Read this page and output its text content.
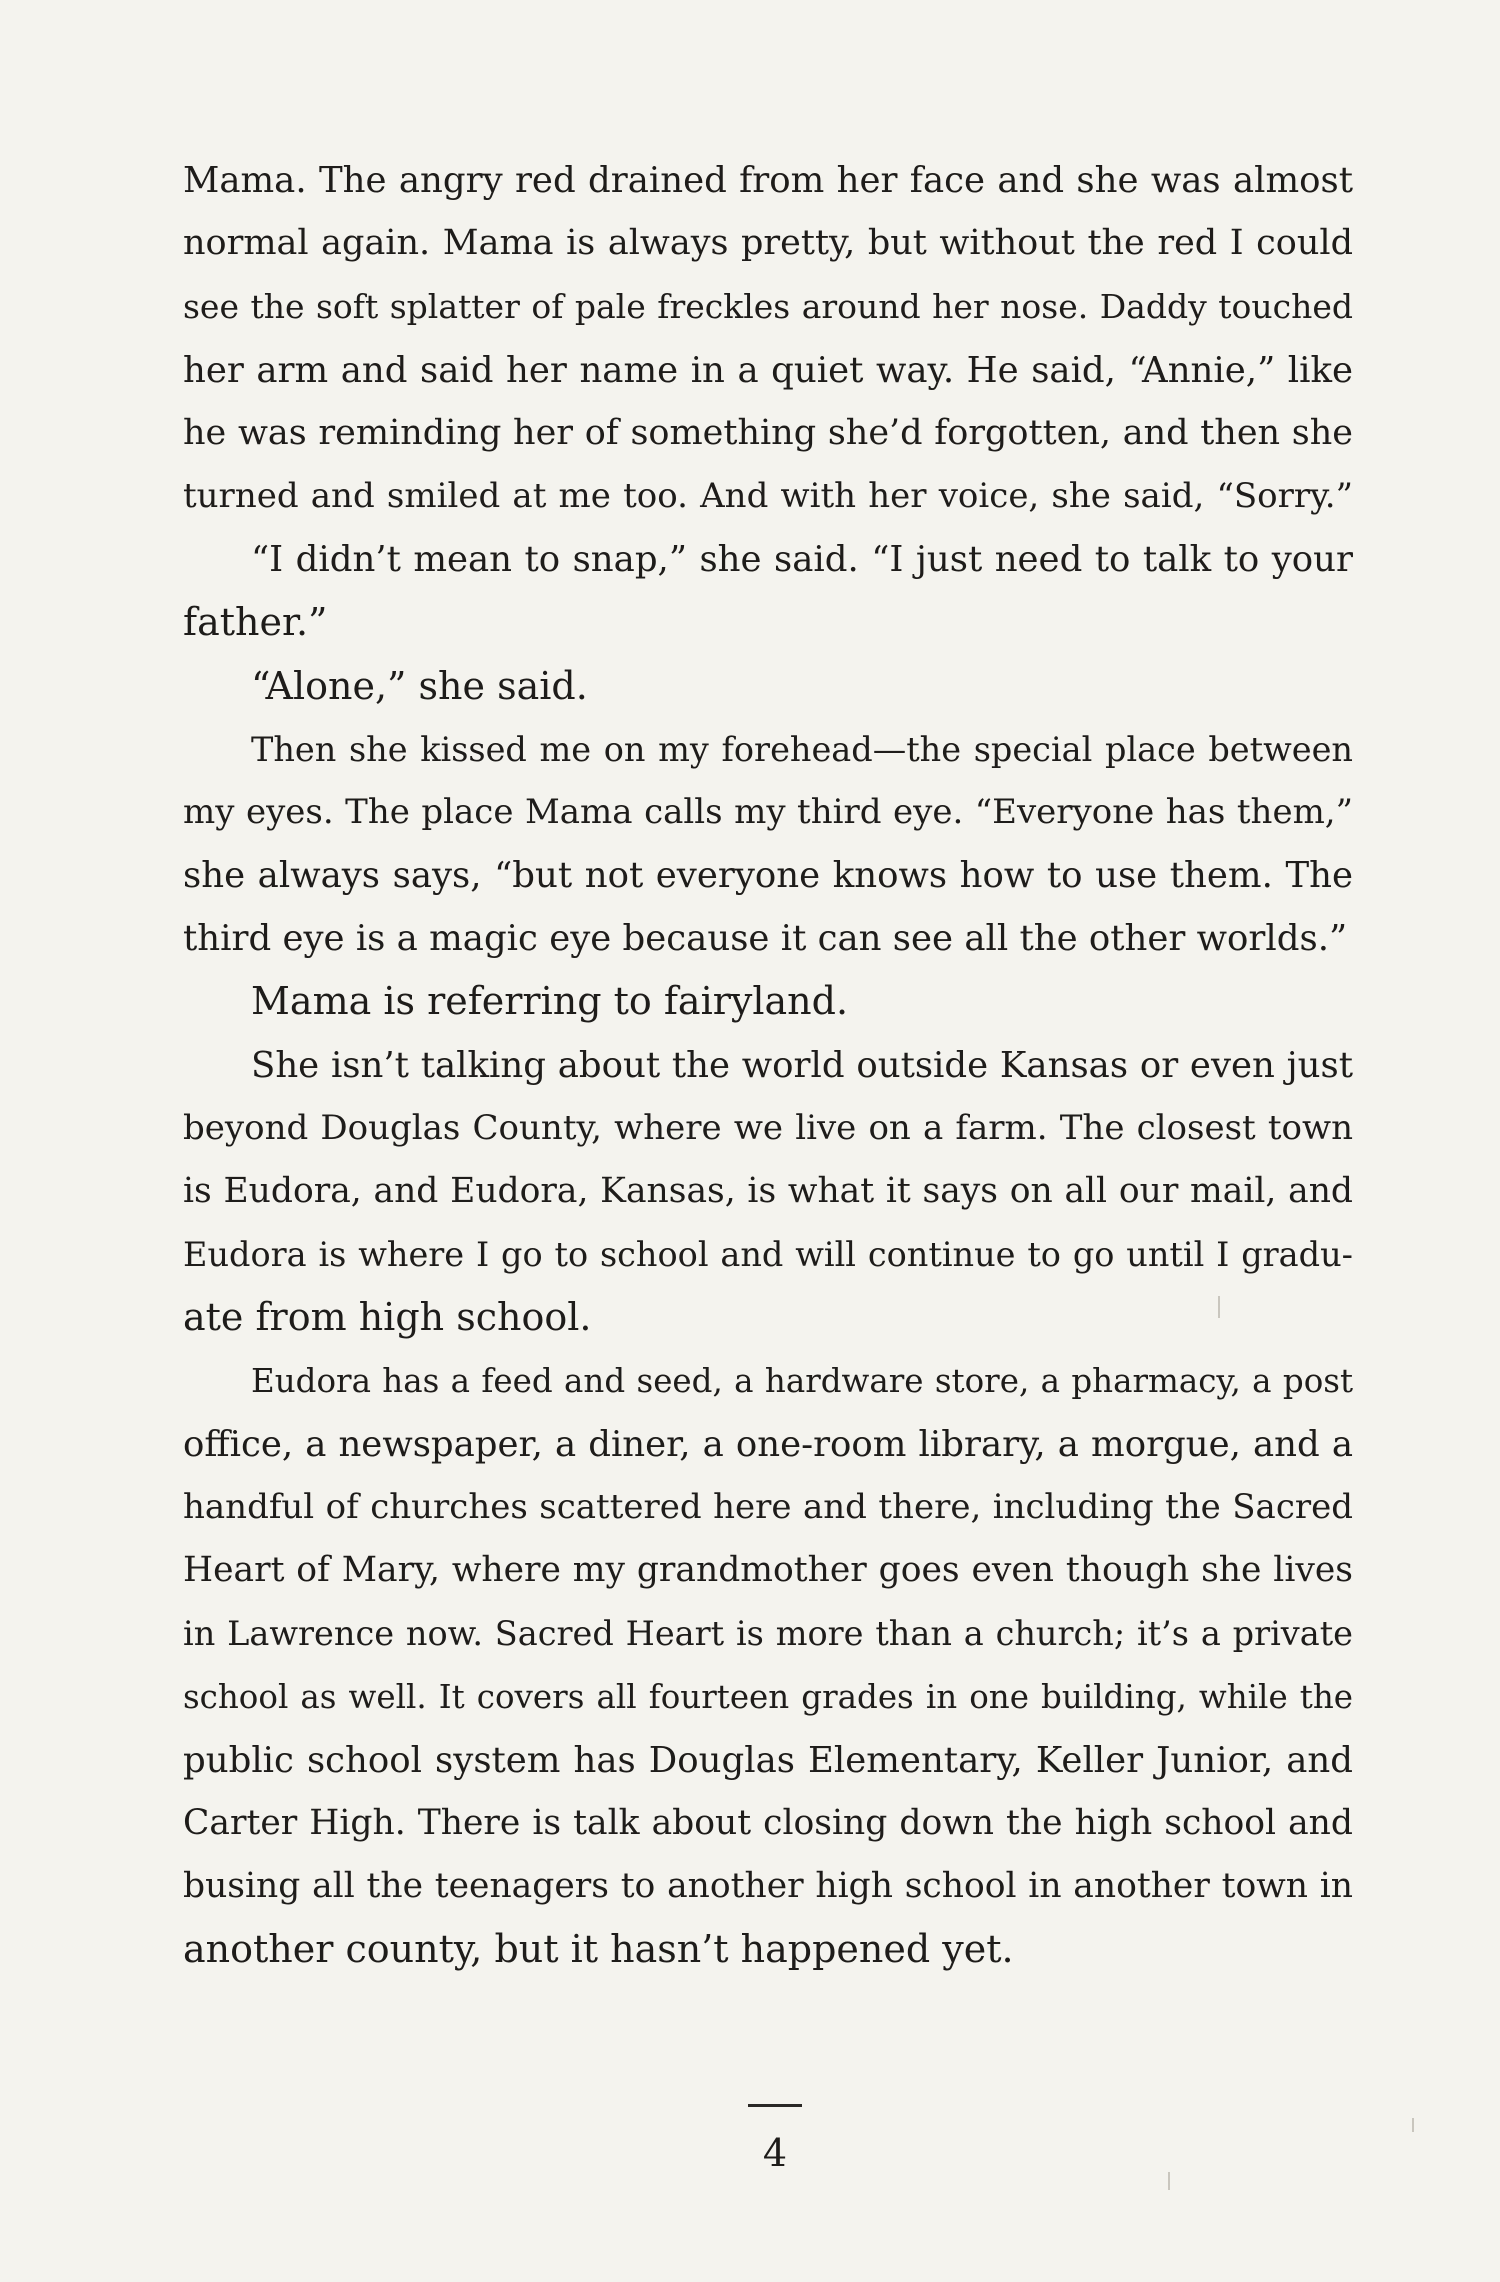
Mama. The angry red drained from her face and she was almost
normal again. Mama is always pretty, but without the red I could
see the soft splatter of pale freckles around her nose. Daddy touched
her arm and said her name in a quiet way. He said, “Annie,” like
he was reminding her of something she’d forgotten, and then she
turned and smiled at me too. And with her voice, she said, “Sorry.”
“I didn’t mean to snap,” she said. “I just need to talk to your
father.”
“Alone,” she said.
Then she kissed me on my forehead—the special place between
my eyes. The place Mama calls my third eye. “Everyone has them,”
she always says, “but not everyone knows how to use them. The
third eye is a magic eye because it can see all the other worlds.”
Mama is referring to fairyland.
She isn’t talking about the world outside Kansas or even just
beyond Douglas County, where we live on a farm. The closest town
is Eudora, and Eudora, Kansas, is what it says on all our mail, and
Eudora is where I go to school and will continue to go until I gradu-
ate from high school.
Eudora has a feed and seed, a hardware store, a pharmacy, a post
office, a newspaper, a diner, a one-room library, a morgue, and a
handful of churches scattered here and there, including the Sacred
Heart of Mary, where my grandmother goes even though she lives
in Lawrence now. Sacred Heart is more than a church; it’s a private
school as well. It covers all fourteen grades in one building, while the
public school system has Douglas Elementary, Keller Junior, and
Carter High. There is talk about closing down the high school and
busing all the teenagers to another high school in another town in
another county, but it hasn’t happened yet.
4
